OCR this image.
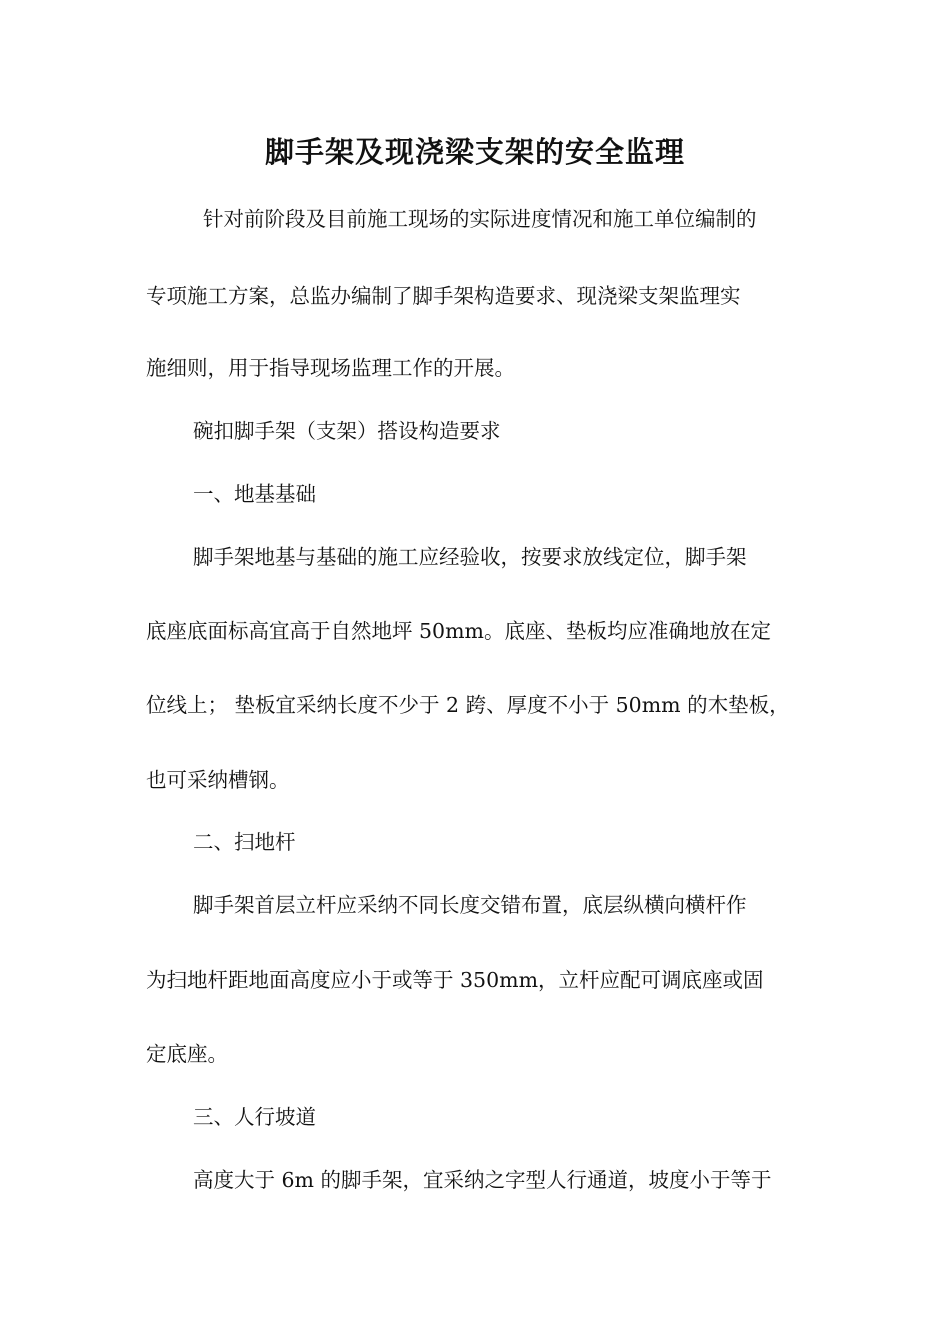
脚手架及现浇梁支架的安全监理
针对前阶段及目前施工现场的实际进度情况和施工单位编制的
专项施工方案，总监办编制了脚手架构造要求、现浇梁支架监理实
施细则，用于指导现场监理工作的开展。
碗扣脚手架（支架）搭设构造要求
一、地基基础
脚手架地基与基础的施工应经验收，按要求放线定位，脚手架
底座底面标高宜高于自然地坪 50mm。底座、垫板均应准确地放在定
位线上； 垫板宜采纳长度不少于 2 跨、厚度不小于 50mm 的木垫板，
也可采纳槽钢。
二、扫地杆
脚手架首层立杆应采纳不同长度交错布置，底层纵横向横杆作
为扫地杆距地面高度应小于或等于 350mm，立杆应配可调底座或固
定底座。
三、人行坡道
高度大于 6m 的脚手架，宜采纳之字型人行通道，坡度小于等于
